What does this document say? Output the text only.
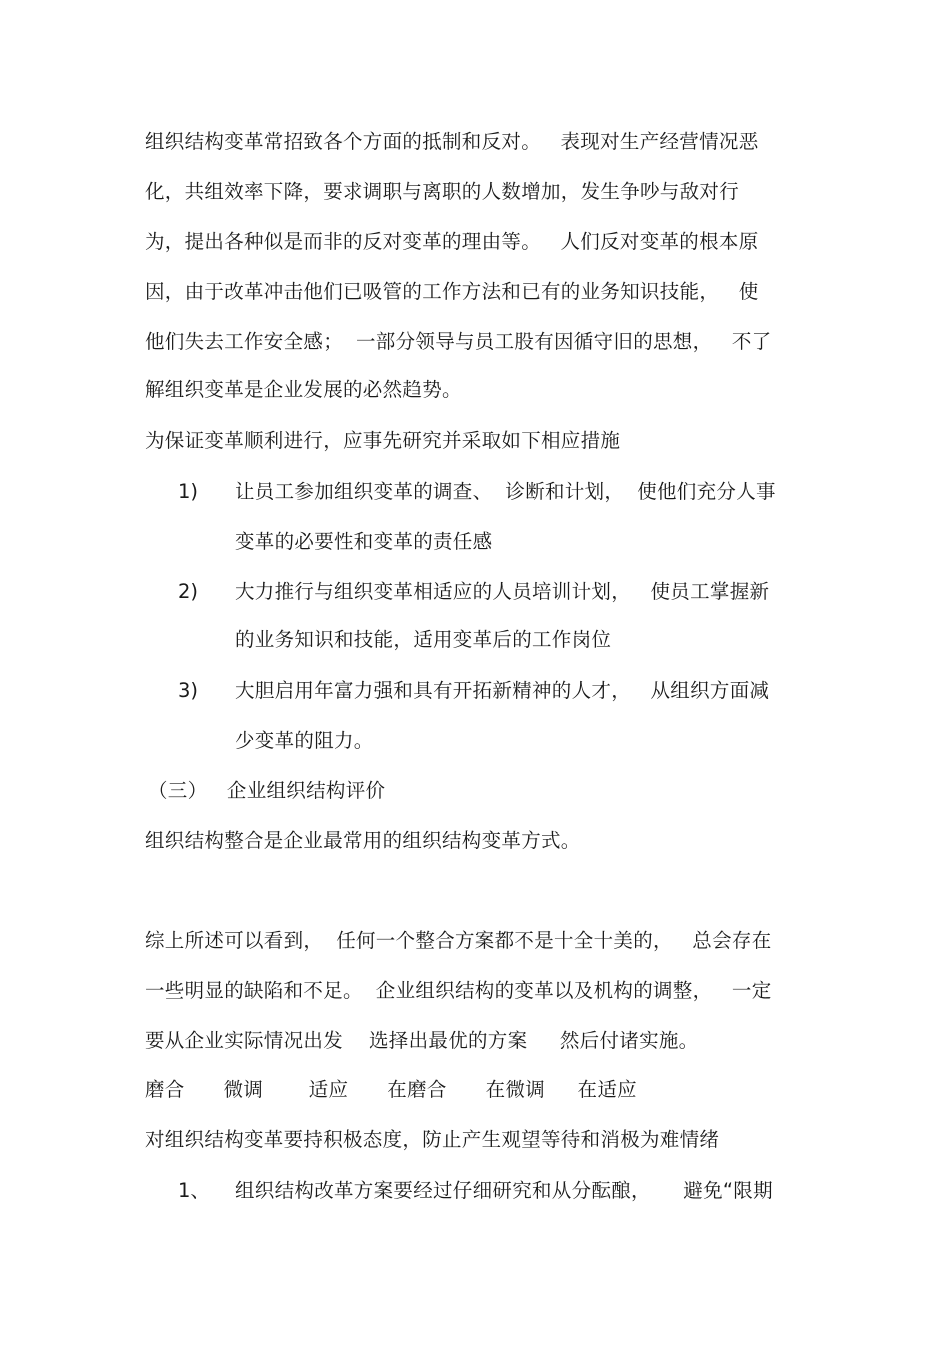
组织结构变革常招致各个方面的抵制和反对。   表现对生产经营情况恶
化，共组效率下降，要求调职与离职的人数增加，发生争吵与敌对行
为，提出各种似是而非的反对变革的理由等。   人们反对变革的根本原
因，由于改革冲击他们已吸管的工作方法和已有的业务知识技能，   使
他们失去工作安全感；  一部分领导与员工股有因循守旧的思想，   不了
解组织变革是企业发展的必然趋势。
为保证变革顺利进行，应事先研究并采取如下相应措施
1) 让员工参加组织变革的调查、  诊断和计划，  使他们充分人事
变革的必要性和变革的责任感
2) 大力推行与组织变革相适应的人员培训计划，   使员工掌握新
的业务知识和技能，适用变革后的工作岗位
3) 大胆启用年富力强和具有开拓新精神的人才，   从组织方面减
少变革的阻力。
（三）   企业组织结构评价
组织结构整合是企业最常用的组织结构变革方式。
综上所述可以看到，  任何一个整合方案都不是十全十美的，   总会存在
一些明显的缺陷和不足。  企业组织结构的变革以及机构的调整，   一定
要从企业实际情况出发    选择出最优的方案     然后付诸实施。
磨合      微调       适应      在磨合      在微调     在适应
对组织结构变革要持积极态度，防止产生观望等待和消极为难情绪
1、 组织结构改革方案要经过仔细研究和从分酝酿，     避免“限期
